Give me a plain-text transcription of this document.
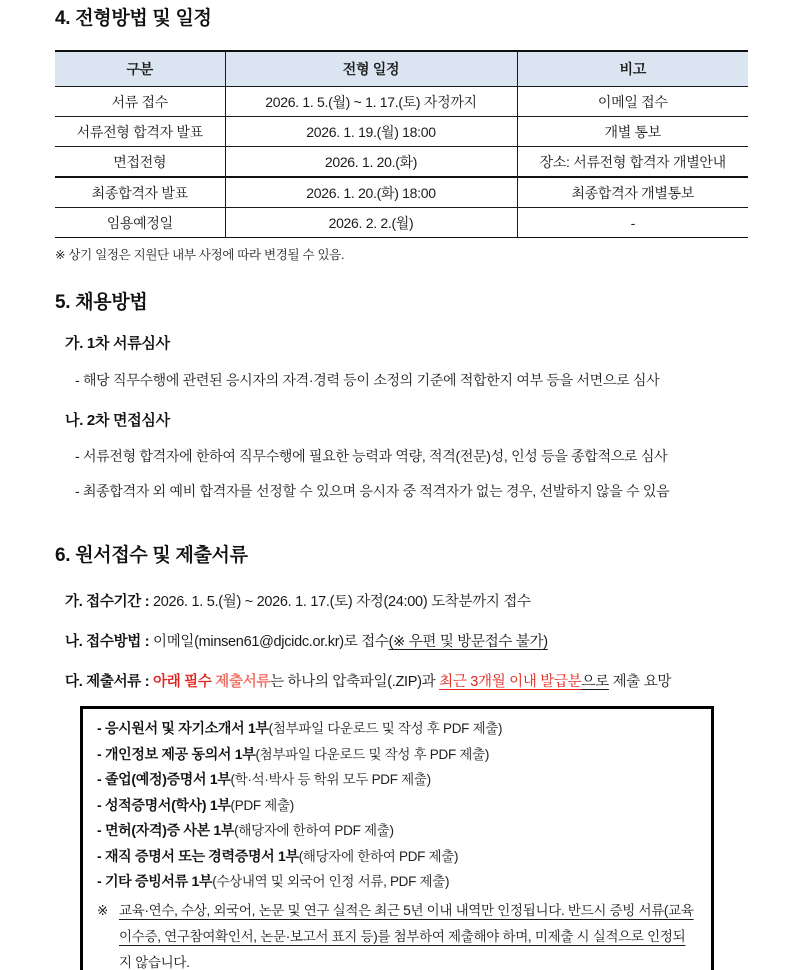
4. 전형방법 및 일정
구분	전형 일정	비고
서류 접수	2026. 1. 5.(월) ~ 1. 17.(토) 자정까지	이메일 접수
서류전형 합격자 발표	2026. 1. 19.(월) 18:00	개별 통보
면접전형	2026. 1. 20.(화)	장소: 서류전형 합격자 개별안내
최종합격자 발표	2026. 1. 20.(화) 18:00	최종합격자 개별통보
임용예정일	2026. 2. 2.(월)	-
※ 상기 일정은 지원단 내부 사정에 따라 변경될 수 있음.
5. 채용방법
가. 1차 서류심사
- 해당 직무수행에 관련된 응시자의 자격·경력 등이 소정의 기준에 적합한지 여부 등을 서면으로 심사
나. 2차 면접심사
- 서류전형 합격자에 한하여 직무수행에 필요한 능력과 역량, 적격(전문)성, 인성 등을 종합적으로 심사
- 최종합격자 외 예비 합격자를 선정할 수 있으며 응시자 중 적격자가 없는 경우, 선발하지 않을 수 있음
6. 원서접수 및 제출서류
가. 접수기간 : 2026. 1. 5.(월) ~ 2026. 1. 17.(토) 자정(24:00) 도착분까지 접수
나. 접수방법 : 이메일(minsen61@djcidc.or.kr)로 접수(※ 우편 및 방문접수 불가)
다. 제출서류 : 아래 필수 제출서류는 하나의 압축파일(.ZIP)과 최근 3개월 이내 발급분으로 제출 요망
- 응시원서 및 자기소개서 1부(첨부파일 다운로드 및 작성 후 PDF 제출)
- 개인정보 제공 동의서 1부(첨부파일 다운로드 및 작성 후 PDF 제출)
- 졸업(예정)증명서 1부(학·석·박사 등 학위 모두 PDF 제출)
- 성적증명서(학사) 1부(PDF 제출)
- 면허(자격)증 사본 1부(해당자에 한하여 PDF 제출)
- 재직 증명서 또는 경력증명서 1부(해당자에 한하여 PDF 제출)
- 기타 증빙서류 1부(수상내역 및 외국어 인정 서류, PDF 제출)
※ 교육·연수, 수상, 외국어, 논문 및 연구 실적은 최근 5년 이내 내역만 인정됩니다. 반드시 증빙 서류(교육이수증, 연구참여확인서, 논문·보고서 표지 등)를 첨부하여 제출해야 하며, 미제출 시 실적으로 인정되지 않습니다.
